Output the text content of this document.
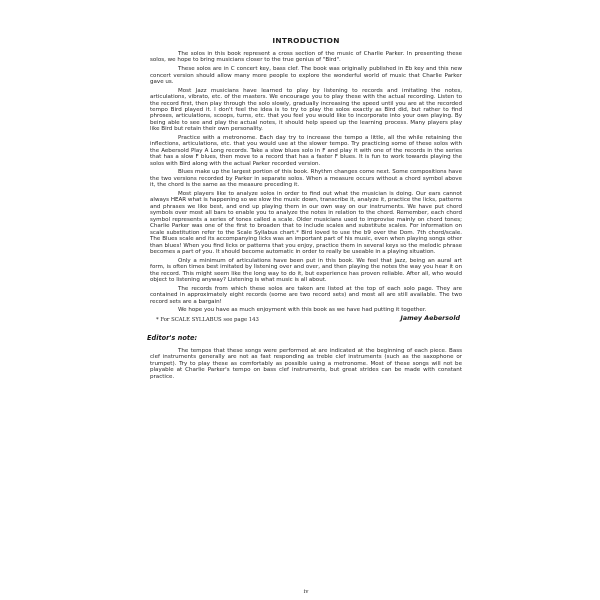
INTRODUCTION

The solos in this book represent a cross section of the music of Charlie Parker. In presenting these solos, we hope to bring musicians closer to the true genius of "Bird".

These solos are in C concert key, bass clef. The book was originally published in Eb key and this new concert version should allow many more people to explore the wonderful world of music that Charlie Parker gave us.

Most Jazz musicians have learned to play by listening to records and imitating the notes, articulations, vibrato, etc. of the masters. We encourage you to play these with the actual recording. Listen to the record first, then play through the solo slowly, gradually increasing the speed until you are at the recorded tempo Bird played it. I don't feel the idea is to try to play the solos exactly as Bird did, but rather to find phroses, articulations, scoops, turns, etc. that you feel you would like to incorporate into your own playing. By being able to see and play the actual notes, it should help speed up the learning process. Many players play like Bird but retain their own personality.

Practice with a metronome. Each day try to increase the tempo a little, all the while retaining the inflections, articulations, etc. that you would use at the slower tempo. Try practicing some of these solos with the Aebersold Play A Long records. Take a slow blues solo in F and play it with one of the records in the series that has a slow F blues, then move to a record that has a faster F blues. It is fun to work towards playing the solos with Bird along with the actual Parker recorded version.

Blues make up the largest portion of this book. Rhythm changes come next. Some compositions have the two versions recorded by Parker in separate solos. When a measure occurs without a chord symbol above it, the chord is the same as the measure preceding it.

Most players like to analyze solos in order to find out what the musician is doing. Our ears cannot always HEAR what is happening so we slow the music down, transcribe it, analyze it, practice the licks, patterns and phrases we like best, and end up playing them in our own way on our instruments. We have put chord symbols over most all bars to enable you to analyze the notes in relation to the chord. Remember, each chord symbol represents a series of tones called a scale. Older musicians used to improvise mainly on chord tones; Charlie Parker was one of the first to broaden that to include scales and substitute scales. For information on scale substitution refer to the Scale Syllabus chart.* Bird loved to use the b9 over the Dom. 7th chord/scale. The Blues scale and its accompanying licks was an important part of his music, even when playing songs other than blues! When you find licks or patterns that you enjoy, practice them in several keys so the melodic phrase becomes a part of you. It should become automatic in order to really be useable in a playing situation.

Only a minimum of articulations have been put in this book. We feel that jazz, being an aural art form, is often times best imitated by listening over and over, and then playing the notes the way you hear it on the record. This might seem like the long way to do it, but experience has proven reliable. After all, who would object to listening anyway? Listening is what music is all about.

The records from which these solos are taken are listed at the top of each solo page. They are contained in approximately eight records (some are two record sets) and most all are still available. The two record sets are a bargain!

We hope you have as much enjoyment with this book as we have had putting it together.

* For SCALE SYLLABUS see page 143	Jamey Aebersold
Editor's note:

The tempos that these songs were performed at are indicated at the beginning of each piece. Bass clef instruments generally are not as fast responding as treble clef instruments (such as the saxophone or trumpet). Try to play these as comfortably as possible using a metronome. Most of these songs will not be playable at Charlie Parker's tempo on bass clef instruments, but great strides can be made with constant practice.

iv
